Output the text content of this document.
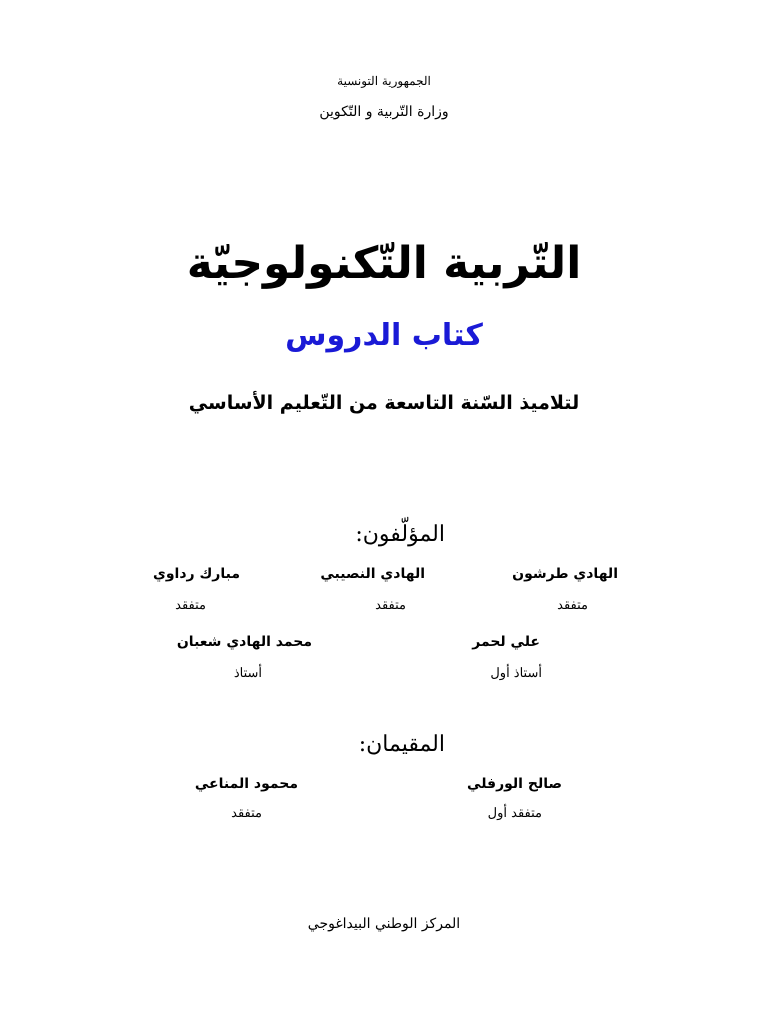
الجمهورية التونسية
وزارة التّربية و التّكوين
التّربية التّكنولوجيّة
كتاب الدروس
لتلاميذ السّنة التاسعة من التّعليم الأساسي
المؤلّفون:
الهادي طرشون
متفقد
الهادي النصيبي
متفقد
مبارك رداوي
متفقد
علي لحمر
أستاذ أول
محمد الهادي شعبان
أستاذ
المقيمان:
صالح الورفلي
متفقد أول
محمود المناعي
متفقد
المركز الوطني البيداغوجي
